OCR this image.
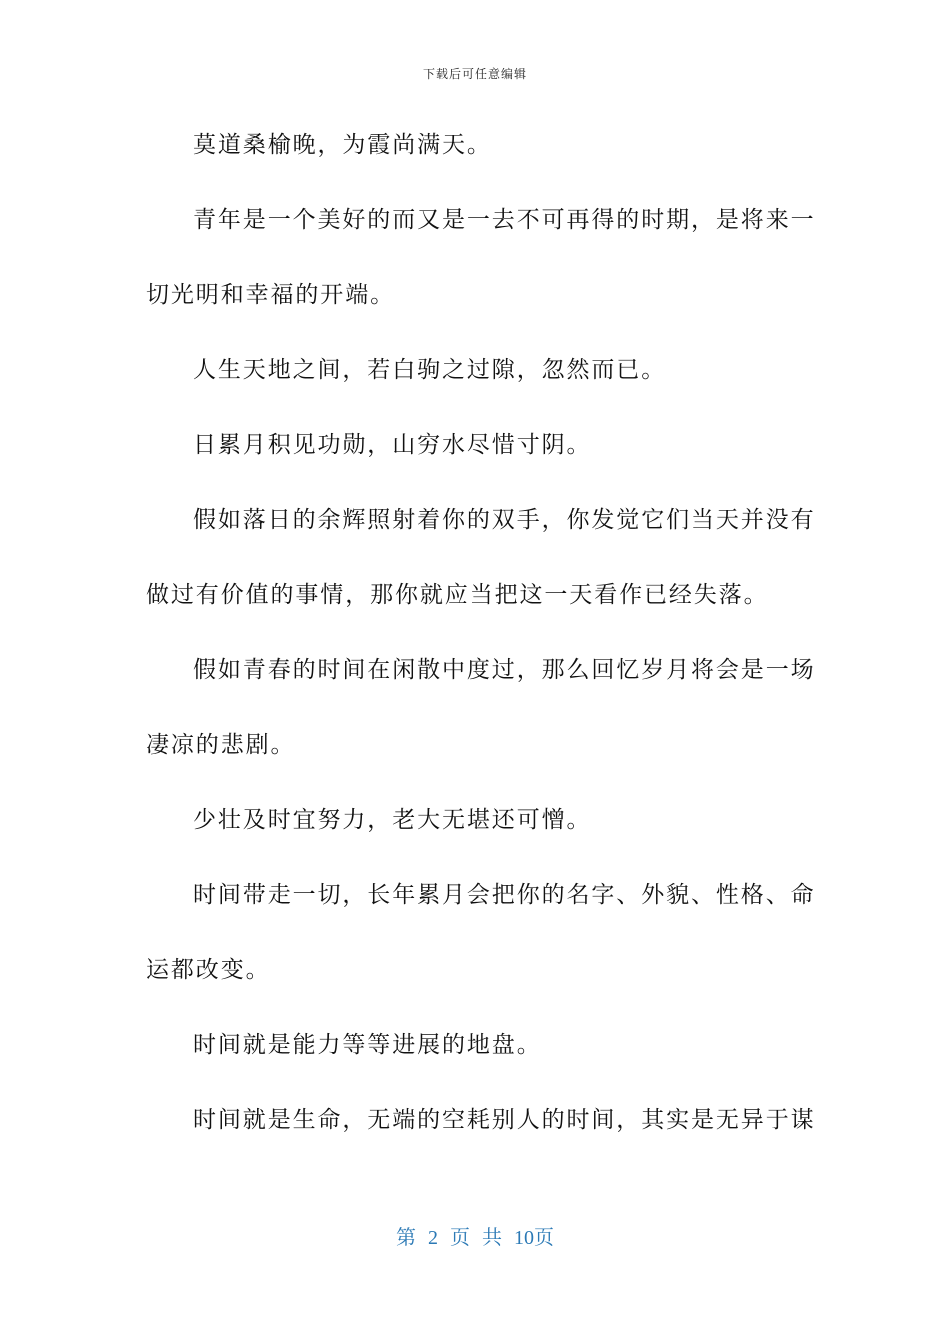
下载后可任意编辑
莫道桑榆晚，为霞尚满天。
青年是一个美好的而又是一去不可再得的时期，是将来一
切光明和幸福的开端。
人生天地之间，若白驹之过隙，忽然而已。
日累月积见功勋，山穷水尽惜寸阴。
假如落日的余辉照射着你的双手，你发觉它们当天并没有
做过有价值的事情，那你就应当把这一天看作已经失落。
假如青春的时间在闲散中度过，那么回忆岁月将会是一场
凄凉的悲剧。
少壮及时宜努力，老大无堪还可憎。
时间带走一切，长年累月会把你的名字、外貌、性格、命
运都改变。
时间就是能力等等进展的地盘。
时间就是生命，无端的空耗别人的时间，其实是无异于谋
第 2 页 共 10页
